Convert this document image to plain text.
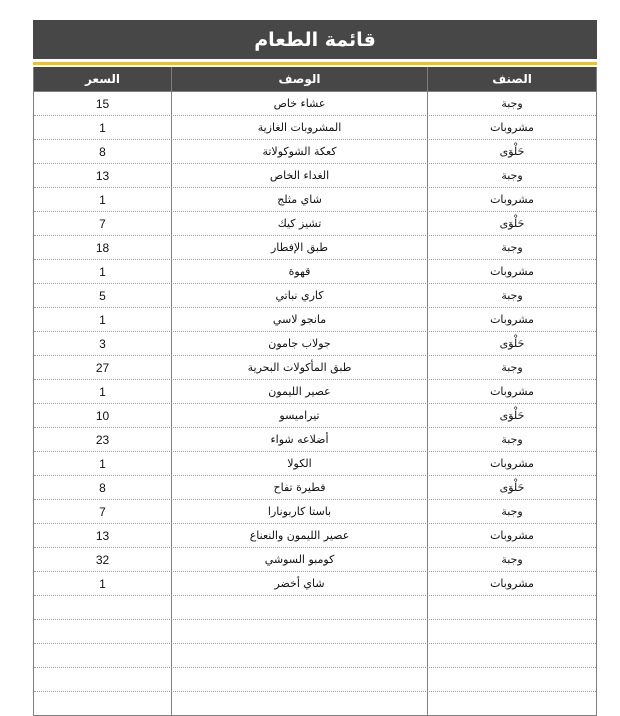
قائمة الطعام
السعر	الوصف	الصنف
15	عشاء خاص	وجبة
1	المشروبات الغازية	مشروبات
8	كعكة الشوكولاتة	حَلْوَى
13	الغداء الخاص	وجبة
1	شاي مثلج	مشروبات
7	تشيز كيك	حَلْوَى
18	طبق الإفطار	وجبة
1	قهوة	مشروبات
5	كاري نباتي	وجبة
1	مانجو لاسي	مشروبات
3	جولاب جامون	حَلْوَى
27	طبق المأكولات البحرية	وجبة
1	عصير الليمون	مشروبات
10	تيراميسو	حَلْوَى
23	أضلاعه شواء	وجبة
1	الكولا	مشروبات
8	فطيرة تفاح	حَلْوَى
7	باستا كاربونارا	وجبة
13	عصير الليمون والنعناع	مشروبات
32	كومبو السوشي	وجبة
1	شاي أخضر	مشروبات
